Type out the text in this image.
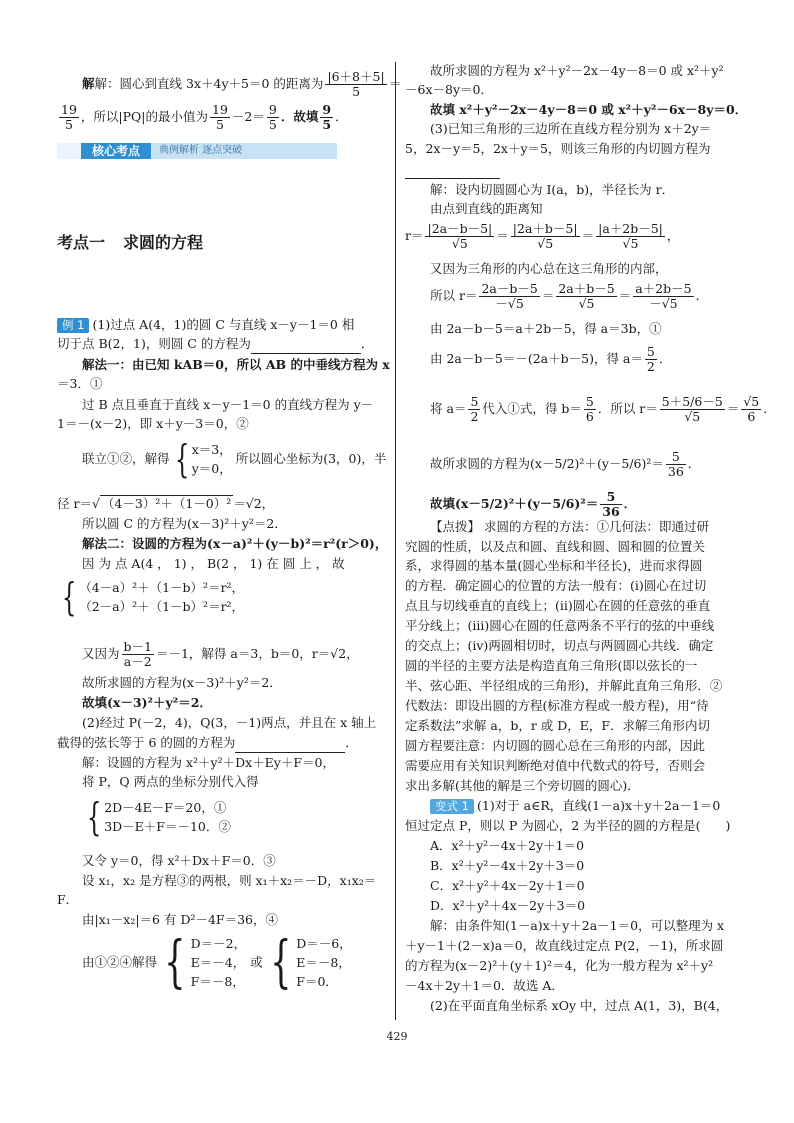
解解：圆心到直线 3x＋4y＋5＝0 的距离为 $\frac{|6+8+5|}{5}$ ＝
$\frac{19}{5}$ ，所以|PQ|的最小值为 $\frac{19}{5} -2= \frac{9}{5}$ ．故填 $\frac{9}{5}$ ．
核心考点	典例解析 逐点突破
考点一 求圆的方程
例 1 (1)过点 A(4，1)的圆 C 与直线 x－y－1＝0 相
切于点 B(2，1)，则圆 C 的方程为	．
解法一：由已知 kAB＝0，所以 AB 的中垂线方程为 x
＝3．①
过 B 点且垂直于直线 x－y－1＝0 的直线方程为 y－
1＝－(x－2)，即 x＋y－3＝0，②
联立①②，解得 { x＝3，
y＝0，
所以圆心坐标为(3，0)，半
径 r＝√ （4－3）²＋（1－0）² ＝√2，
所以圆 C 的方程为(x－3)²＋y²＝2．
解法二：设圆的方程为(x－a)²＋(y－b)²＝r²(r＞0)，
因 为 点 A(4 ， 1) ， B(2 ， 1) 在 圆 上 ， 故
{ （4－a）²＋（1－b）²＝r²，
（2－a）²＋（1－b）²＝r²，
又因为 $\frac{b-1}{a-2} =-1$，解得 a＝3，b＝0，r＝√2，
故所求圆的方程为(x－3)²＋y²＝2．
故填(x－3)²＋y²＝2．
(2)经过 P(－2，4)，Q(3，－1)两点，并且在 x 轴上
截得的弦长等于 6 的圆的方程为	．
解：设圆的方程为 x²＋y²＋Dx＋Ey＋F＝0，
将 P，Q 两点的坐标分别代入得
{ 2D－4E－F＝20，①
3D－E＋F＝－10．②
又令 y＝0，得 x²＋Dx＋F＝0．③
设 x₁，x₂ 是方程③的两根，则 x₁＋x₂＝－D，x₁x₂＝
F．
由|x₁－x₂|＝6 有 D²－4F＝36，④
由①②④解得 { D＝－2，
E＝－4，
F＝－8，
或 { D＝－6，
E＝－8，
F＝0．
故所求圆的方程为 x²＋y²－2x－4y－8＝0 或 x²＋y²
－6x－8y＝0．
故填 x²＋y²－2x－4y－8＝0 或 x²＋y²－6x－8y＝0．
(3)已知三角形的三边所在直线方程分别为 x＋2y＝
5，2x－y＝5，2x＋y＝5，则该三角形的内切圆方程为

解：设内切圆圆心为 I(a，b)，半径长为 r．
由点到直线的距离知
$r= \frac{|2a-b-5|}{√5} = \frac{|2a+b-5|}{√5} = \frac{|a+2b-5|}{√5}$ ，
又因为三角形的内心总在这三角形的内部，
所以 $r= \frac{2a-b-5}{-√5} = \frac{2a+b-5}{√5} = \frac{a+2b-5}{-√5}$ ．
由 2a－b－5＝a＋2b－5，得 a＝3b，①
由 2a－b－5＝－(2a＋b－5)，得 $a= \frac{5}{2}$ ．
将 $a= \frac{5}{2}$ 代入①式，得 $b= \frac{5}{6}$ ．所以 $r= \frac{5+5/6-5}{√5} = \frac{√5}{6}$ ．
故所求圆的方程为$(x-5/2)^2+(y-5/6)^2= \frac{5}{36}$ ．
故填$(x-5/2)^2+(y-5/6)^2= \frac{5}{36}$ ．
【点拨】 求圆的方程的方法：①几何法：即通过研
究圆的性质，以及点和圆、直线和圆、圆和圆的位置关
系，求得圆的基本量(圆心坐标和半径长)，进而求得圆
的方程．确定圆心的位置的方法一般有：(i)圆心在过切
点且与切线垂直的直线上；(ii)圆心在圆的任意弦的垂直
平分线上；(iii)圆心在圆的任意两条不平行的弦的中垂线
的交点上；(iv)两圆相切时，切点与两圆圆心共线．确定
圆的半径的主要方法是构造直角三角形(即以弦长的一
半、弦心距、半径组成的三角形)，并解此直角三角形．②
代数法：即设出圆的方程(标准方程或一般方程)，用“待
定系数法”求解 a，b，r 或 D，E，F．求解三角形内切
圆方程要注意：内切圆的圆心总在三角形的内部，因此
需要应用有关知识判断绝对值中代数式的符号，否则会
求出多解(其他的解是三个旁切圆的圆心)．
变式 1 (1)对于 a∈R，直线(1－a)x＋y＋2a－1＝0
恒过定点 P，则以 P 为圆心，2 为半径的圆的方程是(　　)
A．x²＋y²－4x＋2y＋1＝0
B．x²＋y²－4x＋2y＋3＝0
C．x²＋y²＋4x－2y＋1＝0
D．x²＋y²＋4x－2y＋3＝0
解：由条件知(1－a)x＋y＋2a－1＝0，可以整理为 x
＋y－1＋(2－x)a＝0，故直线过定点 P(2，－1)，所求圆
的方程为(x－2)²＋(y＋1)²＝4，化为一般方程为 x²＋y²
－4x＋2y＋1＝0．故选 A．
(2)在平面直角坐标系 xOy 中，过点 A(1，3)，B(4，
429
